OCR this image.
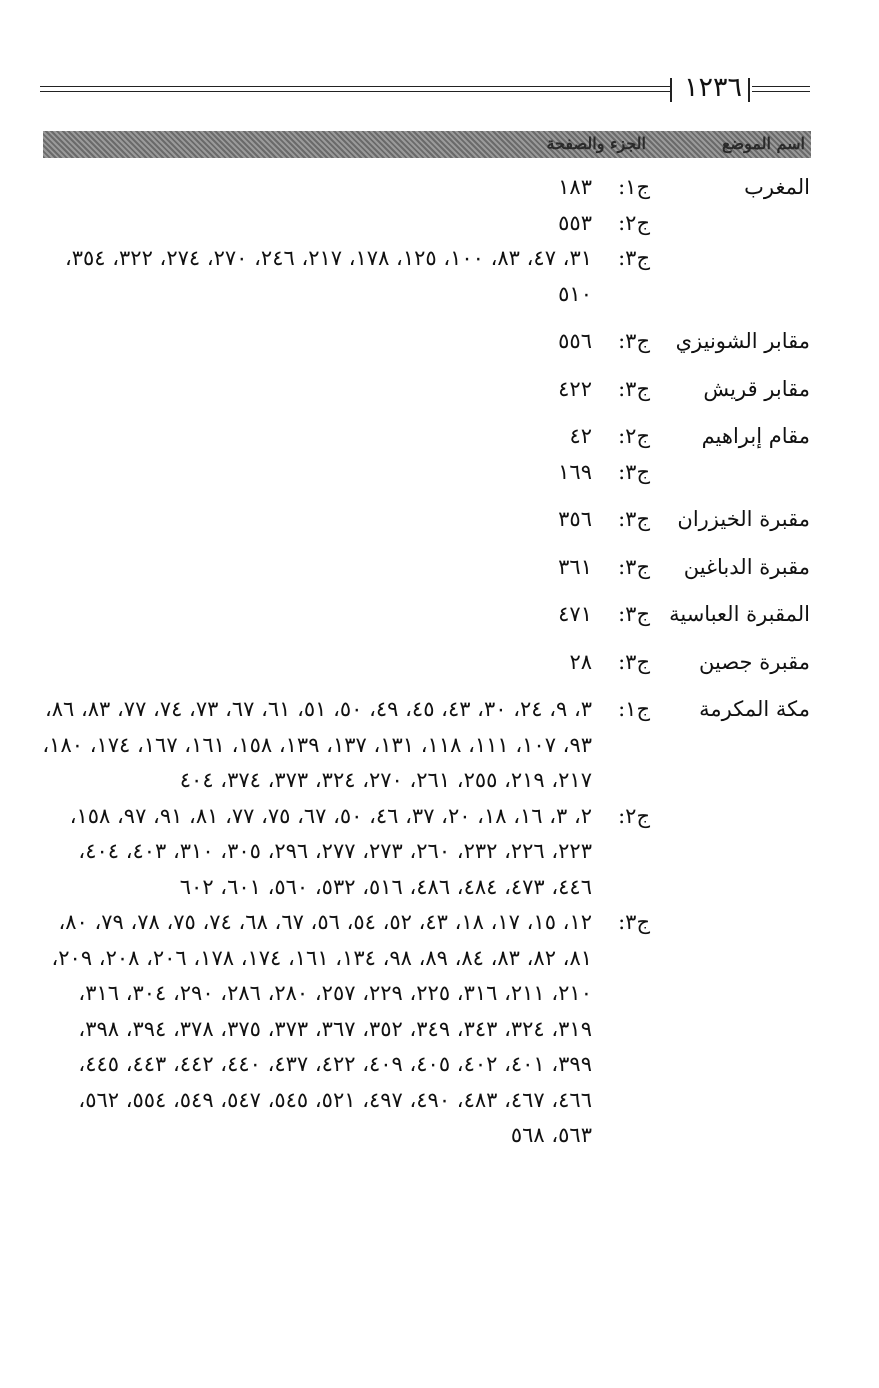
١٢٣٦
اسم الموضع
الجزء والصفحة
المغرب
ج١:
١٨٣
ج٢:
٥٥٣
ج٣:
٣١، ٤٧، ٨٣، ١٠٠، ١٢٥، ١٧٨، ٢١٧، ٢٤٦، ٢٧٠، ٢٧٤، ٣٢٢، ٣٥٤، ٥١٠
مقابر الشونيزي
ج٣:
٥٥٦
مقابر قريش
ج٣:
٤٢٢
مقام إبراهيم
ج٢:
٤٢
ج٣:
١٦٩
مقبرة الخيزران
ج٣:
٣٥٦
مقبرة الدباغين
ج٣:
٣٦١
المقبرة العباسية
ج٣:
٤٧١
مقبرة جصين
ج٣:
٢٨
مكة المكرمة
ج١:
٣، ٩، ٢٤، ٣٠، ٤٣، ٤٥، ٤٩، ٥٠، ٥١، ٦١، ٦٧، ٧٣، ٧٤، ٧٧، ٨٣، ٨٦، ٩٣، ١٠٧، ١١١، ١١٨، ١٣١، ١٣٧، ١٣٩، ١٥٨، ١٦١، ١٦٧، ١٧٤، ١٨٠، ٢١٧، ٢١٩، ٢٥٥، ٢٦١، ٢٧٠، ٣٢٤، ٣٧٣، ٣٧٤، ٤٠٤
ج٢:
٢، ٣، ١٦، ١٨، ٢٠، ٣٧، ٤٦، ٥٠، ٦٧، ٧٥، ٧٧، ٨١، ٩١، ٩٧، ١٥٨، ٢٢٣، ٢٢٦، ٢٣٢، ٢٦٠، ٢٧٣، ٢٧٧، ٢٩٦، ٣٠٥، ٣١٠، ٤٠٣، ٤٠٤، ٤٤٦، ٤٧٣، ٤٨٤، ٤٨٦، ٥١٦، ٥٣٢، ٥٦٠، ٦٠١، ٦٠٢
ج٣:
١٢، ١٥، ١٧، ١٨، ٤٣، ٥٢، ٥٤، ٥٦، ٦٧، ٦٨، ٧٤، ٧٥، ٧٨، ٧٩، ٨٠، ٨١، ٨٢، ٨٣، ٨٤، ٨٩، ٩٨، ١٣٤، ١٦١، ١٧٤، ١٧٨، ٢٠٦، ٢٠٨، ٢٠٩، ٢١٠، ٢١١، ٣١٦، ٢٢٥، ٢٢٩، ٢٥٧، ٢٨٠، ٢٨٦، ٢٩٠، ٣٠٤، ٣١٦، ٣١٩، ٣٢٤، ٣٤٣، ٣٤٩، ٣٥٢، ٣٦٧، ٣٧٣، ٣٧٥، ٣٧٨، ٣٩٤، ٣٩٨، ٣٩٩، ٤٠١، ٤٠٢، ٤٠٥، ٤٠٩، ٤٢٢، ٤٣٧، ٤٤٠، ٤٤٢، ٤٤٣، ٤٤٥، ٤٦٦، ٤٦٧، ٤٨٣، ٤٩٠، ٤٩٧، ٥٢١، ٥٤٥، ٥٤٧، ٥٤٩، ٥٥٤، ٥٦٢، ٥٦٣، ٥٦٨
